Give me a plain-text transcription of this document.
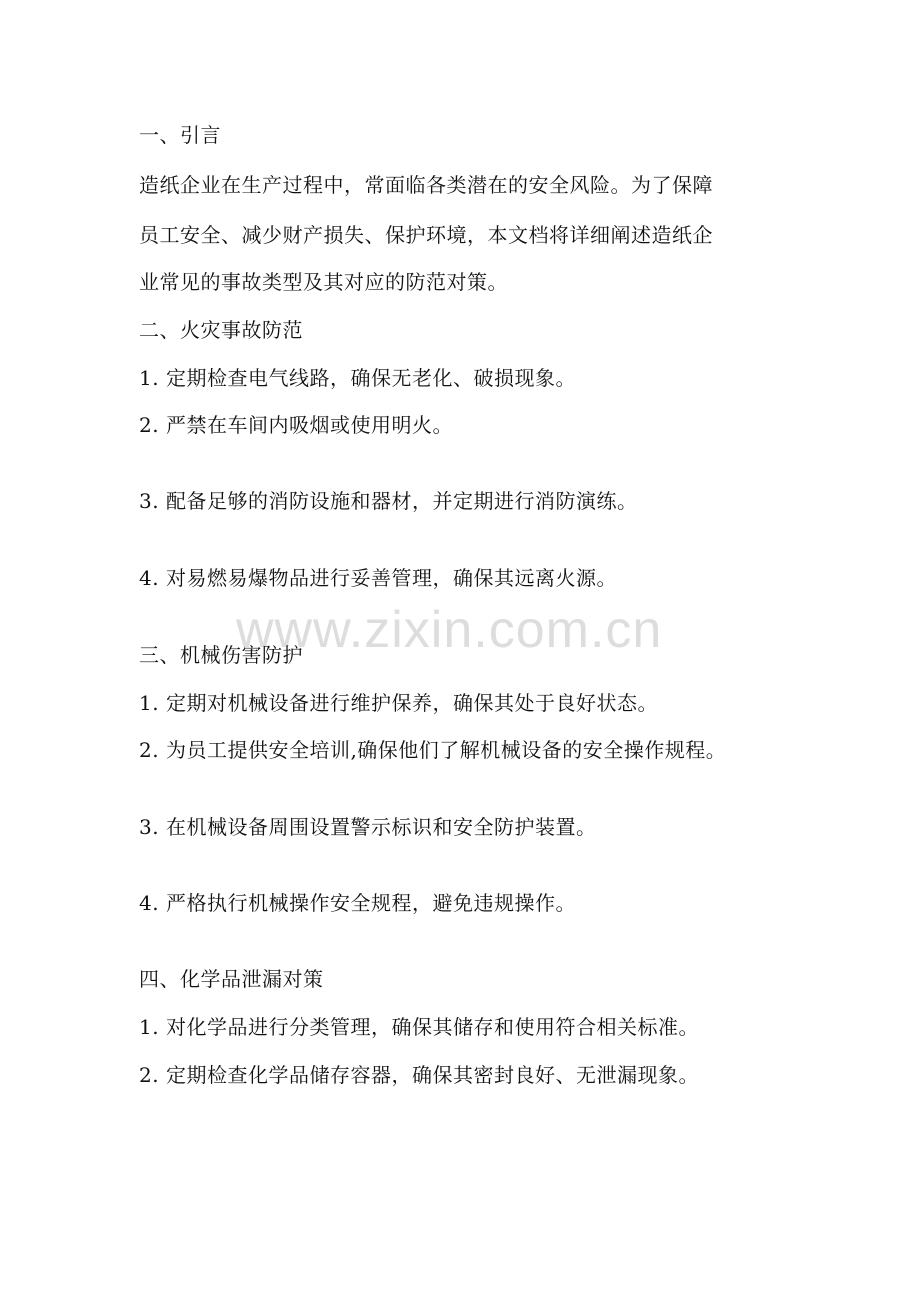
一、引言
造纸企业在生产过程中，常面临各类潜在的安全风险。为了保障
员工安全、减少财产损失、保护环境，本文档将详细阐述造纸企
业常见的事故类型及其对应的防范对策。
二、火灾事故防范
1. 定期检查电气线路，确保无老化、破损现象。
2. 严禁在车间内吸烟或使用明火。
3. 配备足够的消防设施和器材，并定期进行消防演练。
4. 对易燃易爆物品进行妥善管理，确保其远离火源。
www.zixin.com.cn
三、机械伤害防护
1. 定期对机械设备进行维护保养，确保其处于良好状态。
2. 为员工提供安全培训,确保他们了解机械设备的安全操作规程。
3. 在机械设备周围设置警示标识和安全防护装置。
4. 严格执行机械操作安全规程，避免违规操作。
四、化学品泄漏对策
1. 对化学品进行分类管理，确保其储存和使用符合相关标准。
2. 定期检查化学品储存容器，确保其密封良好、无泄漏现象。
